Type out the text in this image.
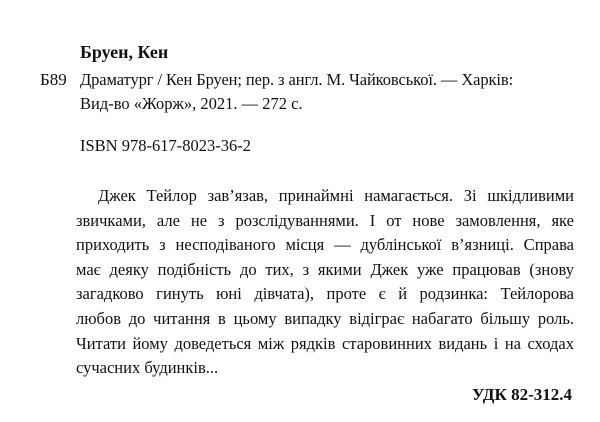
Бруен, Кен
Б89 Драматург / Кен Бруен; пер. з англ. М. Чайковської. — Харків:
Вид-во «Жорж», 2021. — 272 с.
ISBN 978-617-8023-36-2
Джек Тейлор зав’язав, принаймні намагається. Зі шкідливими
звичками, але не з розслідуваннями. І от нове замовлення, яке
приходить з несподіваного місця — дублінської в’язниці. Справа
має деяку подібність до тих, з якими Джек уже працював (знову
загадково гинуть юні дівчата), проте є й родзинка: Тейлорова
любов до читання в цьому випадку відіграє набагато більшу роль.
Читати йому доведеться між рядків старовинних видань і на сходах
сучасних будинків...
УДК 82-312.4
